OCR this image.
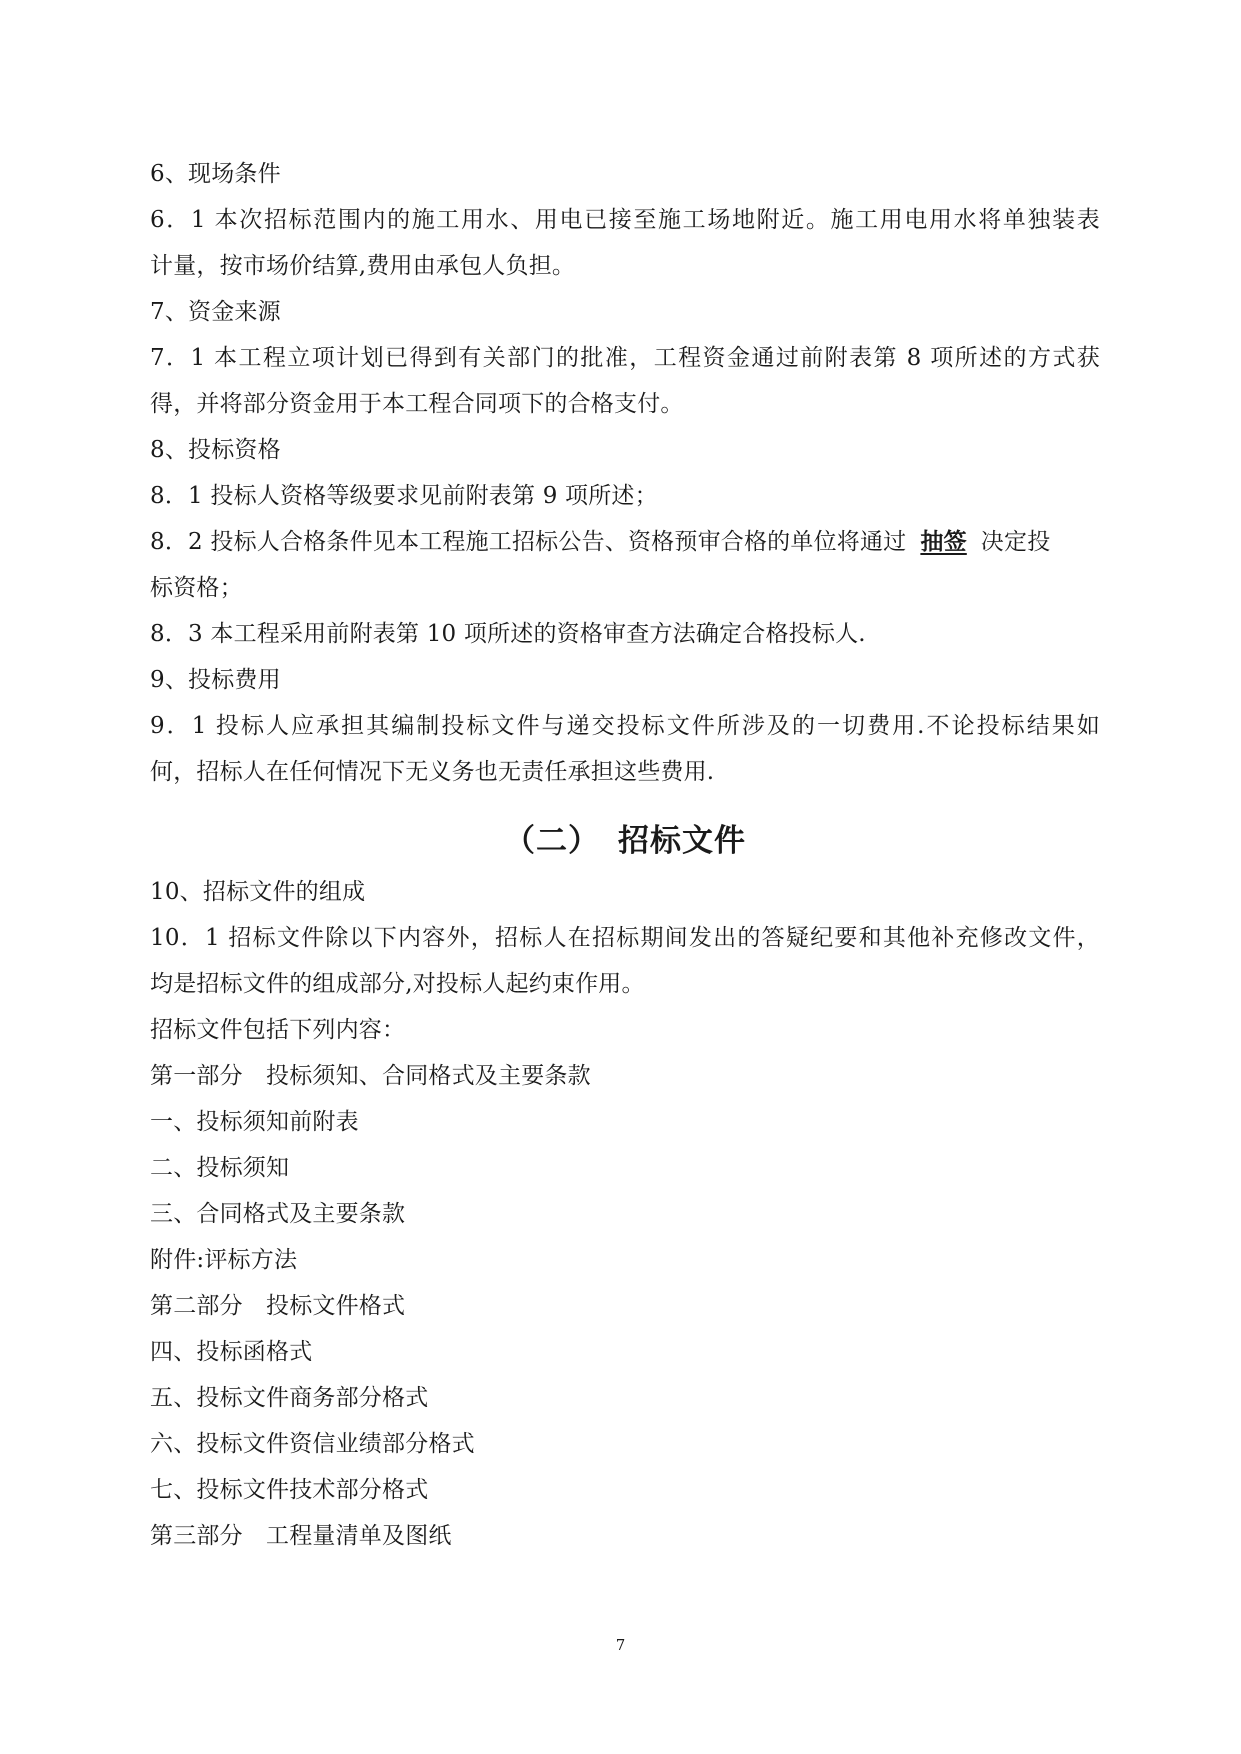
6、现场条件
6．1 本次招标范围内的施工用水、用电已接至施工场地附近。施工用电用水将单独装表
计量，按市场价结算,费用由承包人负担。
7、资金来源
7．1 本工程立项计划已得到有关部门的批准，工程资金通过前附表第 8 项所述的方式获
得，并将部分资金用于本工程合同项下的合格支付。
8、投标资格
8．1 投标人资格等级要求见前附表第 9 项所述；
8．2 投标人合格条件见本工程施工招标公告、资格预审合格的单位将通过 抽签 决定投
标资格；
8．3 本工程采用前附表第 10 项所述的资格审查方法确定合格投标人.
9、投标费用
9．1 投标人应承担其编制投标文件与递交投标文件所涉及的一切费用.不论投标结果如
何，招标人在任何情况下无义务也无责任承担这些费用.
（二） 招标文件
10、招标文件的组成
10．1 招标文件除以下内容外，招标人在招标期间发出的答疑纪要和其他补充修改文件，
均是招标文件的组成部分,对投标人起约束作用。
招标文件包括下列内容：
第一部分　投标须知、合同格式及主要条款
一、投标须知前附表
二、投标须知
三、合同格式及主要条款
附件:评标方法
第二部分　投标文件格式
四、投标函格式
五、投标文件商务部分格式
六、投标文件资信业绩部分格式
七、投标文件技术部分格式
第三部分　工程量清单及图纸
7
